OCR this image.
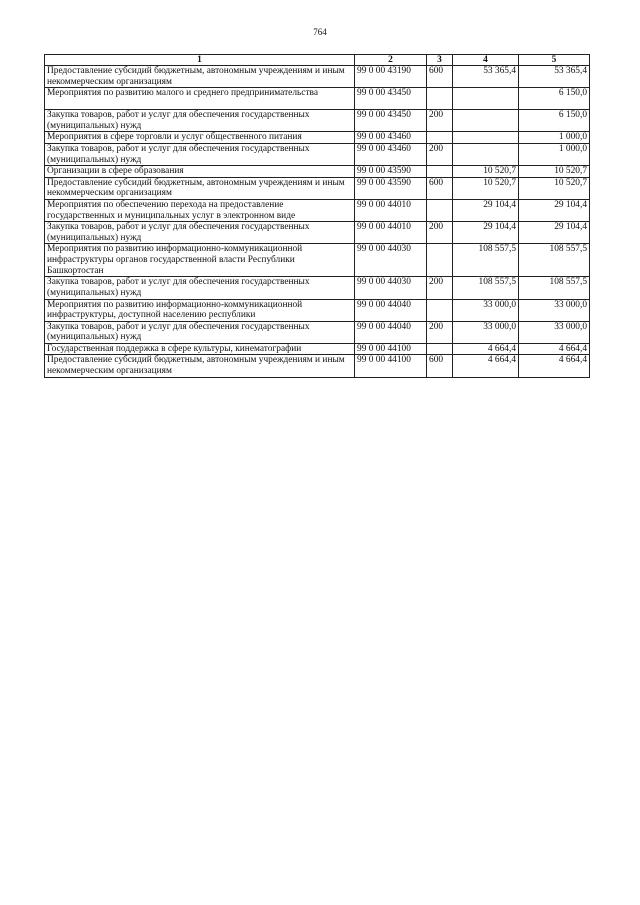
764
1	2	3	4	5
Предоставление субсидий бюджетным, автономным учреждениям и иным некоммерческим организациям	99 0 00 43190	600	53 365,4	53 365,4
Мероприятия по развитию малого и среднего предпринимательства	99 0 00 43450			6 150,0
Закупка товаров, работ и услуг для обеспечения государственных (муниципальных) нужд	99 0 00 43450	200		6 150,0
Мероприятия в сфере торговли и услуг общественного питания	99 0 00 43460			1 000,0
Закупка товаров, работ и услуг для обеспечения государственных (муниципальных) нужд	99 0 00 43460	200		1 000,0
Организации в сфере образования	99 0 00 43590		10 520,7	10 520,7
Предоставление субсидий бюджетным, автономным учреждениям и иным некоммерческим организациям	99 0 00 43590	600	10 520,7	10 520,7
Мероприятия по обеспечению перехода на предоставление государственных и муниципальных услуг в электронном виде	99 0 00 44010		29 104,4	29 104,4
Закупка товаров, работ и услуг для обеспечения государственных (муниципальных) нужд	99 0 00 44010	200	29 104,4	29 104,4
Мероприятия по развитию информационно-коммуникационной инфраструктуры органов государственной власти Республики Башкортостан	99 0 00 44030		108 557,5	108 557,5
Закупка товаров, работ и услуг для обеспечения государственных (муниципальных) нужд	99 0 00 44030	200	108 557,5	108 557,5
Мероприятия по развитию информационно-коммуникационной инфраструктуры, доступной населению республики	99 0 00 44040		33 000,0	33 000,0
Закупка товаров, работ и услуг для обеспечения государственных (муниципальных) нужд	99 0 00 44040	200	33 000,0	33 000,0
Государственная поддержка в сфере культуры, кинематографии	99 0 00 44100		4 664,4	4 664,4
Предоставление субсидий бюджетным, автономным учреждениям и иным некоммерческим организациям	99 0 00 44100	600	4 664,4	4 664,4
